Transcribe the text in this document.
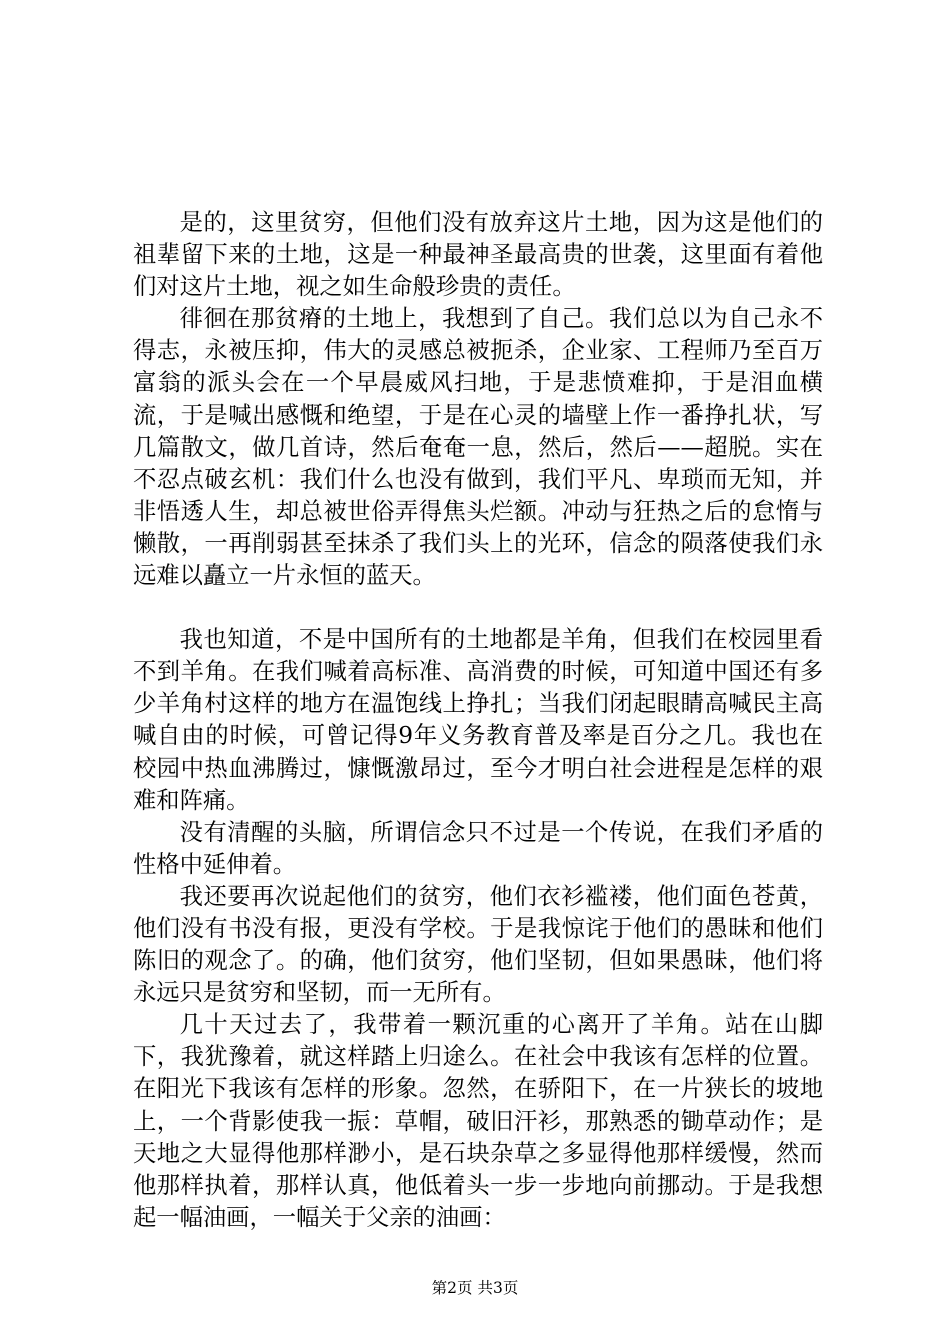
是的，这里贫穷，但他们没有放弃这片土地，因为这是他们的祖辈留下来的土地，这是一种最神圣最高贵的世袭，这里面有着他们对这片土地，视之如生命般珍贵的责任。

徘徊在那贫瘠的土地上，我想到了自己。我们总以为自己永不得志，永被压抑，伟大的灵感总被扼杀，企业家、工程师乃至百万富翁的派头会在一个早晨威风扫地，于是悲愤难抑，于是泪血横流，于是喊出感慨和绝望，于是在心灵的墙壁上作一番挣扎状，写几篇散文，做几首诗，然后奄奄一息，然后，然后——超脱。实在不忍点破玄机：我们什么也没有做到，我们平凡、卑琐而无知，并非悟透人生，却总被世俗弄得焦头烂额。冲动与狂热之后的怠惰与懒散，一再削弱甚至抹杀了我们头上的光环，信念的陨落使我们永远难以矗立一片永恒的蓝天。

我也知道，不是中国所有的土地都是羊角，但我们在校园里看不到羊角。在我们喊着高标准、高消费的时候，可知道中国还有多少羊角村这样的地方在温饱线上挣扎；当我们闭起眼睛高喊民主高喊自由的时候，可曾记得9年义务教育普及率是百分之几。我也在校园中热血沸腾过，慷慨激昂过，至今才明白社会进程是怎样的艰难和阵痛。

没有清醒的头脑，所谓信念只不过是一个传说，在我们矛盾的性格中延伸着。

我还要再次说起他们的贫穷，他们衣衫褴褛，他们面色苍黄，他们没有书没有报，更没有学校。于是我惊诧于他们的愚昧和他们陈旧的观念了。的确，他们贫穷，他们坚韧，但如果愚昧，他们将永远只是贫穷和坚韧，而一无所有。

几十天过去了，我带着一颗沉重的心离开了羊角。站在山脚下，我犹豫着，就这样踏上归途么。在社会中我该有怎样的位置。在阳光下我该有怎样的形象。忽然，在骄阳下，在一片狭长的坡地上，一个背影使我一振：草帽，破旧汗衫，那熟悉的锄草动作；是天地之大显得他那样渺小，是石块杂草之多显得他那样缓慢，然而他那样执着，那样认真，他低着头一步一步地向前挪动。于是我想起一幅油画，一幅关于父亲的油画：

第2页 共3页
